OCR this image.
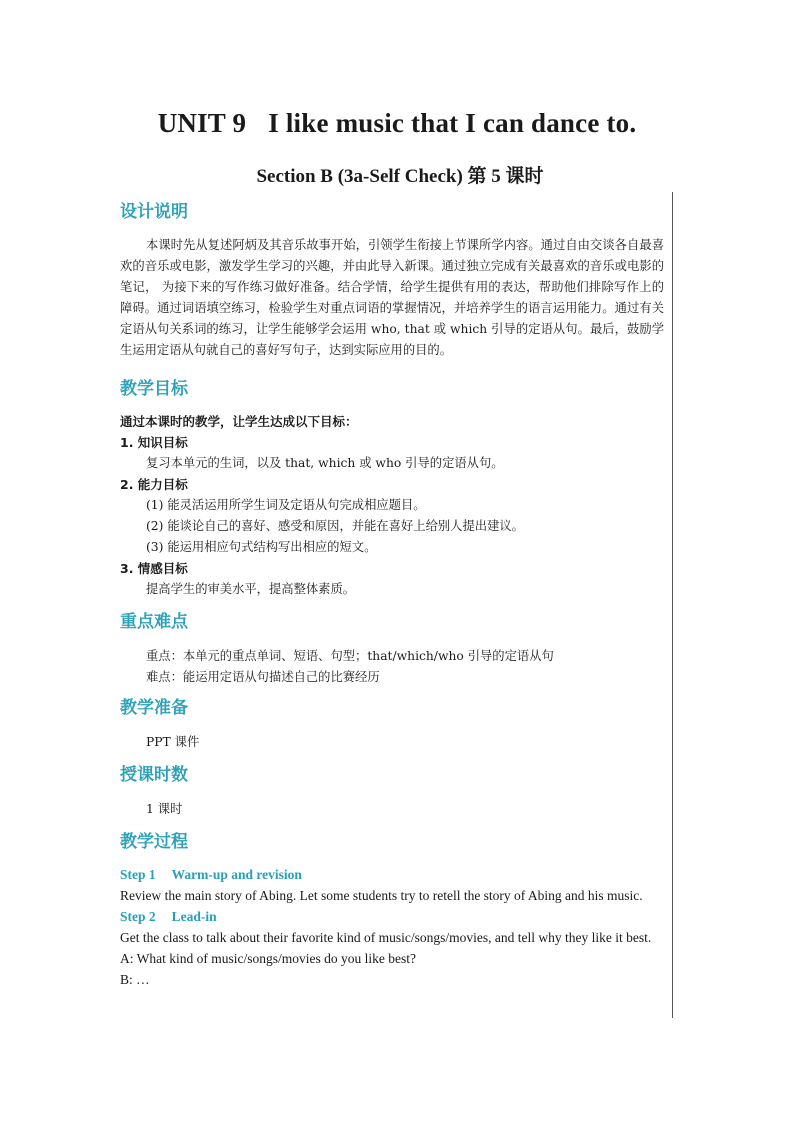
UNIT 9 I like music that I can dance to.
Section B (3a-Self Check) 第 5 课时
设计说明
本课时先从复述阿炳及其音乐故事开始，引领学生衔接上节课所学内容。通过自由交谈各自最喜欢的音乐或电影，激发学生学习的兴趣，并由此导入新课。通过独立完成有关最喜欢的音乐或电影的笔记， 为接下来的写作练习做好准备。结合学情，给学生提供有用的表达，帮助他们排除写作上的障碍。通过词语填空练习，检验学生对重点词语的掌握情况，并培养学生的语言运用能力。通过有关定语从句关系词的练习，让学生能够学会运用 who, that 或 which 引导的定语从句。最后，鼓励学生运用定语从句就自己的喜好写句子，达到实际应用的目的。
教学目标
通过本课时的教学，让学生达成以下目标：
1. 知识目标
复习本单元的生词，以及 that, which 或 who 引导的定语从句。
2. 能力目标
(1) 能灵活运用所学生词及定语从句完成相应题目。
(2) 能谈论自己的喜好、感受和原因，并能在喜好上给别人提出建议。
(3) 能运用相应句式结构写出相应的短文。
3. 情感目标
提高学生的审美水平，提高整体素质。
重点难点
重点：本单元的重点单词、短语、句型；that/which/who 引导的定语从句
难点：能运用定语从句描述自己的比赛经历
教学准备
PPT 课件
授课时数
1 课时
教学过程
Step 1 Warm-up and revision
Review the main story of Abing. Let some students try to retell the story of Abing and his music.
Step 2 Lead-in
Get the class to talk about their favorite kind of music/songs/movies, and tell why they like it best.
A: What kind of music/songs/movies do you like best?
B: …
